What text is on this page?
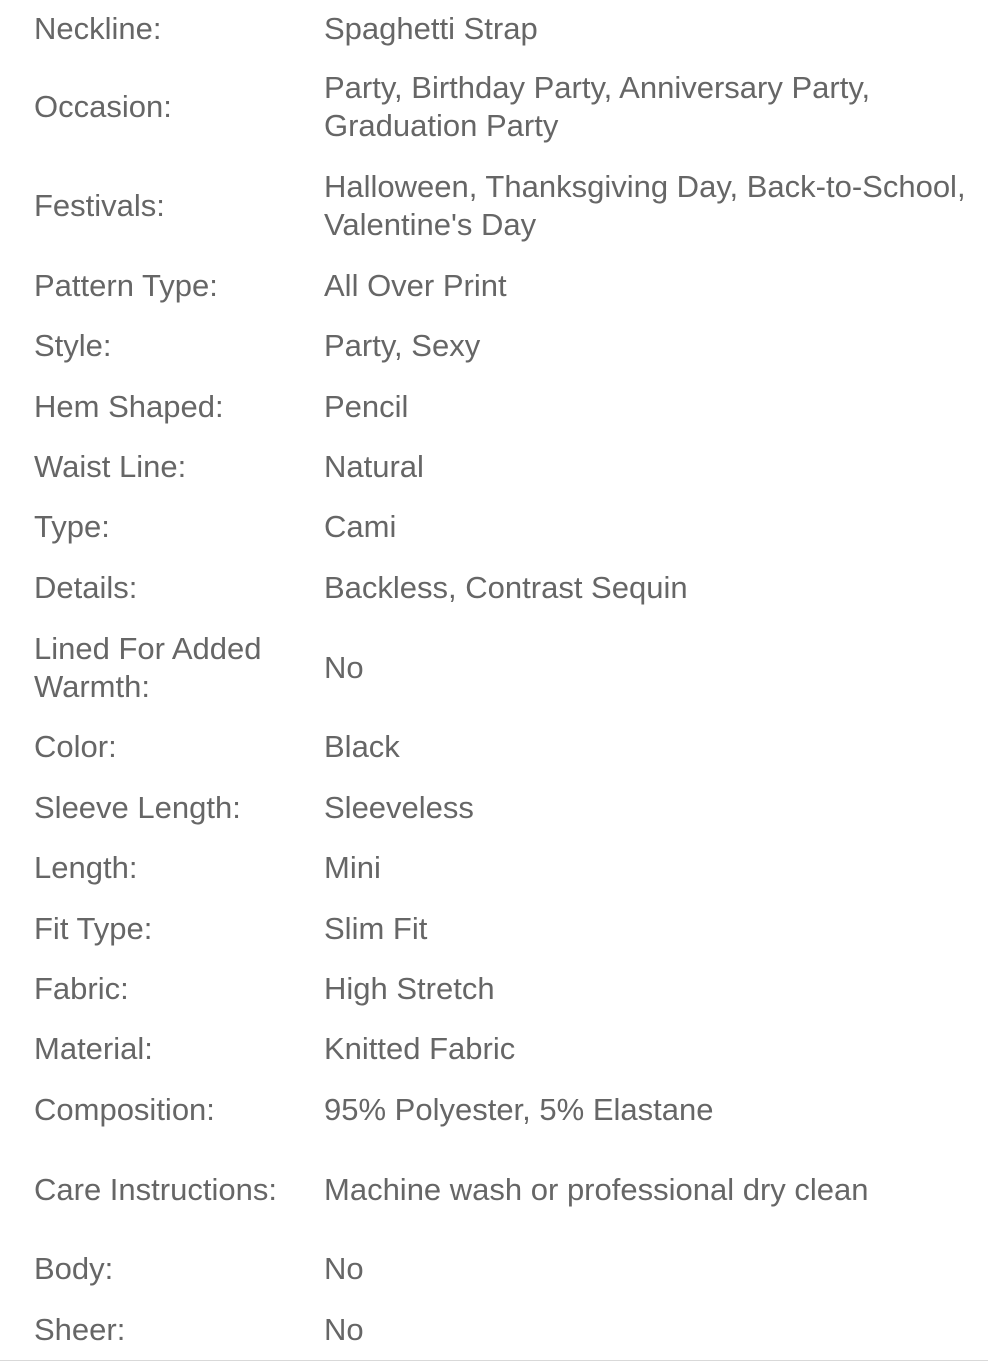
Neckline:	Spaghetti Strap
Occasion:	Party, Birthday Party, Anniversary Party, Graduation Party
Festivals:	Halloween, Thanksgiving Day, Back-to-School, Valentine's Day
Pattern Type:	All Over Print
Style:	Party, Sexy
Hem Shaped:	Pencil
Waist Line:	Natural
Type:	Cami
Details:	Backless, Contrast Sequin
Lined For Added Warmth:	No
Color:	Black
Sleeve Length:	Sleeveless
Length:	Mini
Fit Type:	Slim Fit
Fabric:	High Stretch
Material:	Knitted Fabric
Composition:	95% Polyester, 5% Elastane
Care Instructions:	Machine wash or professional dry clean
Body:	No
Sheer:	No
